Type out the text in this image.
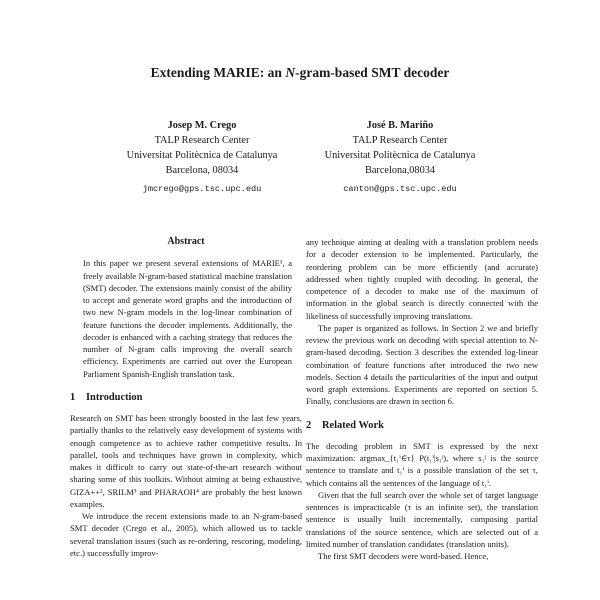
Extending MARIE: an N-gram-based SMT decoder
Josep M. Crego
TALP Research Center
Universitat Politècnica de Catalunya
Barcelona, 08034
jmcrego@gps.tsc.upc.edu
José B. Mariño
TALP Research Center
Universitat Politècnica de Catalunya
Barcelona,08034
canton@gps.tsc.upc.edu
Abstract

In this paper we present several extensions of MARIE¹, a freely available N-gram-based statistical machine translation (SMT) decoder. The extensions mainly consist of the ability to accept and generate word graphs and the introduction of two new N-gram models in the log-linear combination of feature functions the decoder implements. Additionally, the decoder is enhanced with a caching strategy that reduces the number of N-gram calls improving the overall search efficiency. Experiments are carried out over the European Parliament Spanish-English translation task.

1 Introduction

Research on SMT has been strongly boosted in the last few years, partially thanks to the relatively easy development of systems with enough competence as to achieve rather competitive results. In parallel, tools and techniques have grown in complexity, which makes it difficult to carry out state-of-the-art research without sharing some of this toolkits. Without aiming at being exhaustive, GIZA++², SRILM³ and PHARAOH⁴ are probably the best known examples.

We introduce the recent extensions made to an N-gram-based SMT decoder (Crego et al., 2005), which allowed us to tackle several translation issues (such as re-ordering, rescoring, modeling, etc.) successfully improv-

any technique aiming at dealing with a translation problem needs for a decoder extension to be implemented. Particularly, the reordering problem can be more efficiently (and accurate) addressed when tightly coupled with decoding. In general, the competence of a decoder to make use of the maximum of information in the global search is directly connected with the likeliness of successfully improving translations.

The paper is organized as follows. In Section 2 we and briefly review the previous work on decoding with special attention to N-gram-based decoding. Section 3 describes the extended log-linear combination of feature functions after introduced the two new models. Section 4 details the particularities of the input and output word graph extensions. Experiments are reported on section 5. Finally, conclusions are drawn in section 6.

2 Related Work

The decoding problem in SMT is expressed by the next maximization: argmax_{t₁ⁱ∈τ} P(t₁ⁱ|s₁ʲ), where s₁ʲ is the source sentence to translate and t₁ⁱ is a possible translation of the set τ, which contains all the sentences of the language of t₁ⁱ.

Given that the full search over the whole set of target language sentences is impracticable (τ is an infinite set), the translation sentence is usually built incrementally, composing partial translations of the source sentence, which are selected out of a limited number of translation candidates (translation units).

The first SMT decoders were word-based. Hence,
